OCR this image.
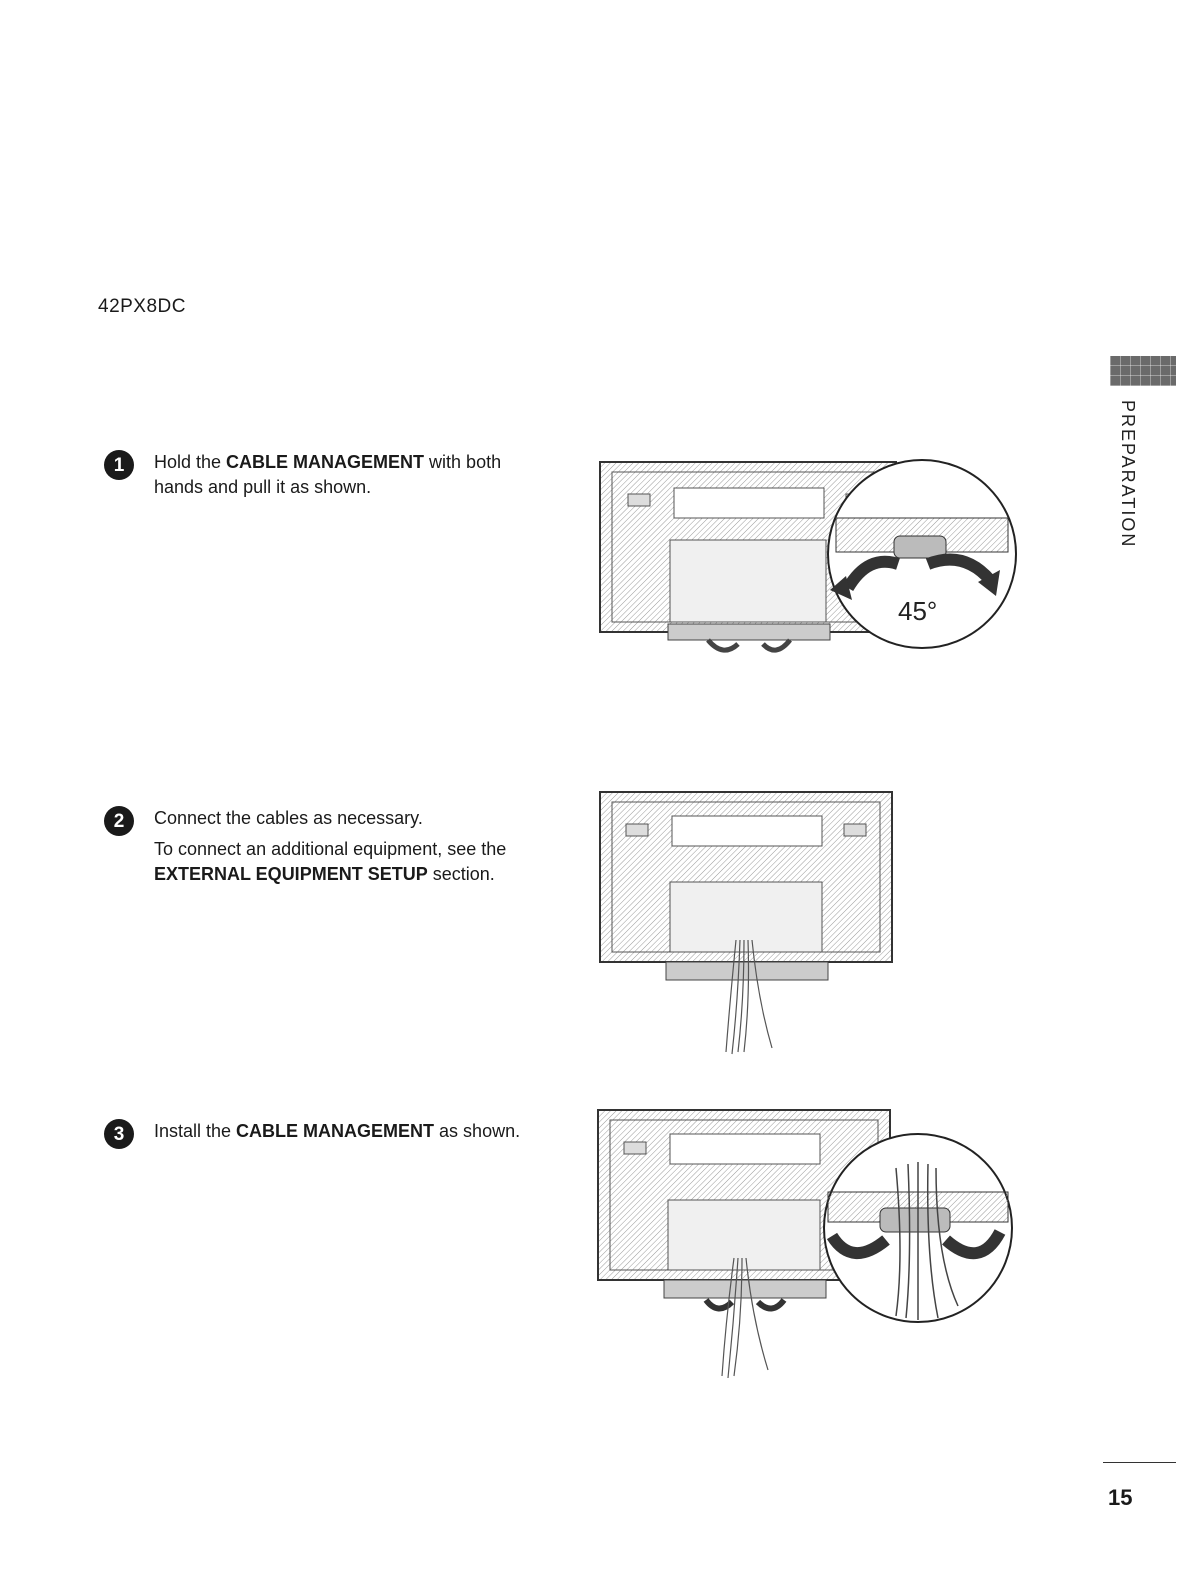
42PX8DC
PREPARATION
1	Hold the CABLE MANAGEMENT with both hands and pull it as shown.

2	Connect the cables as necessary.

To connect an additional equipment, see the EXTERNAL EQUIPMENT SETUP section.

3	Install the CABLE MANAGEMENT as shown.

45°
15
